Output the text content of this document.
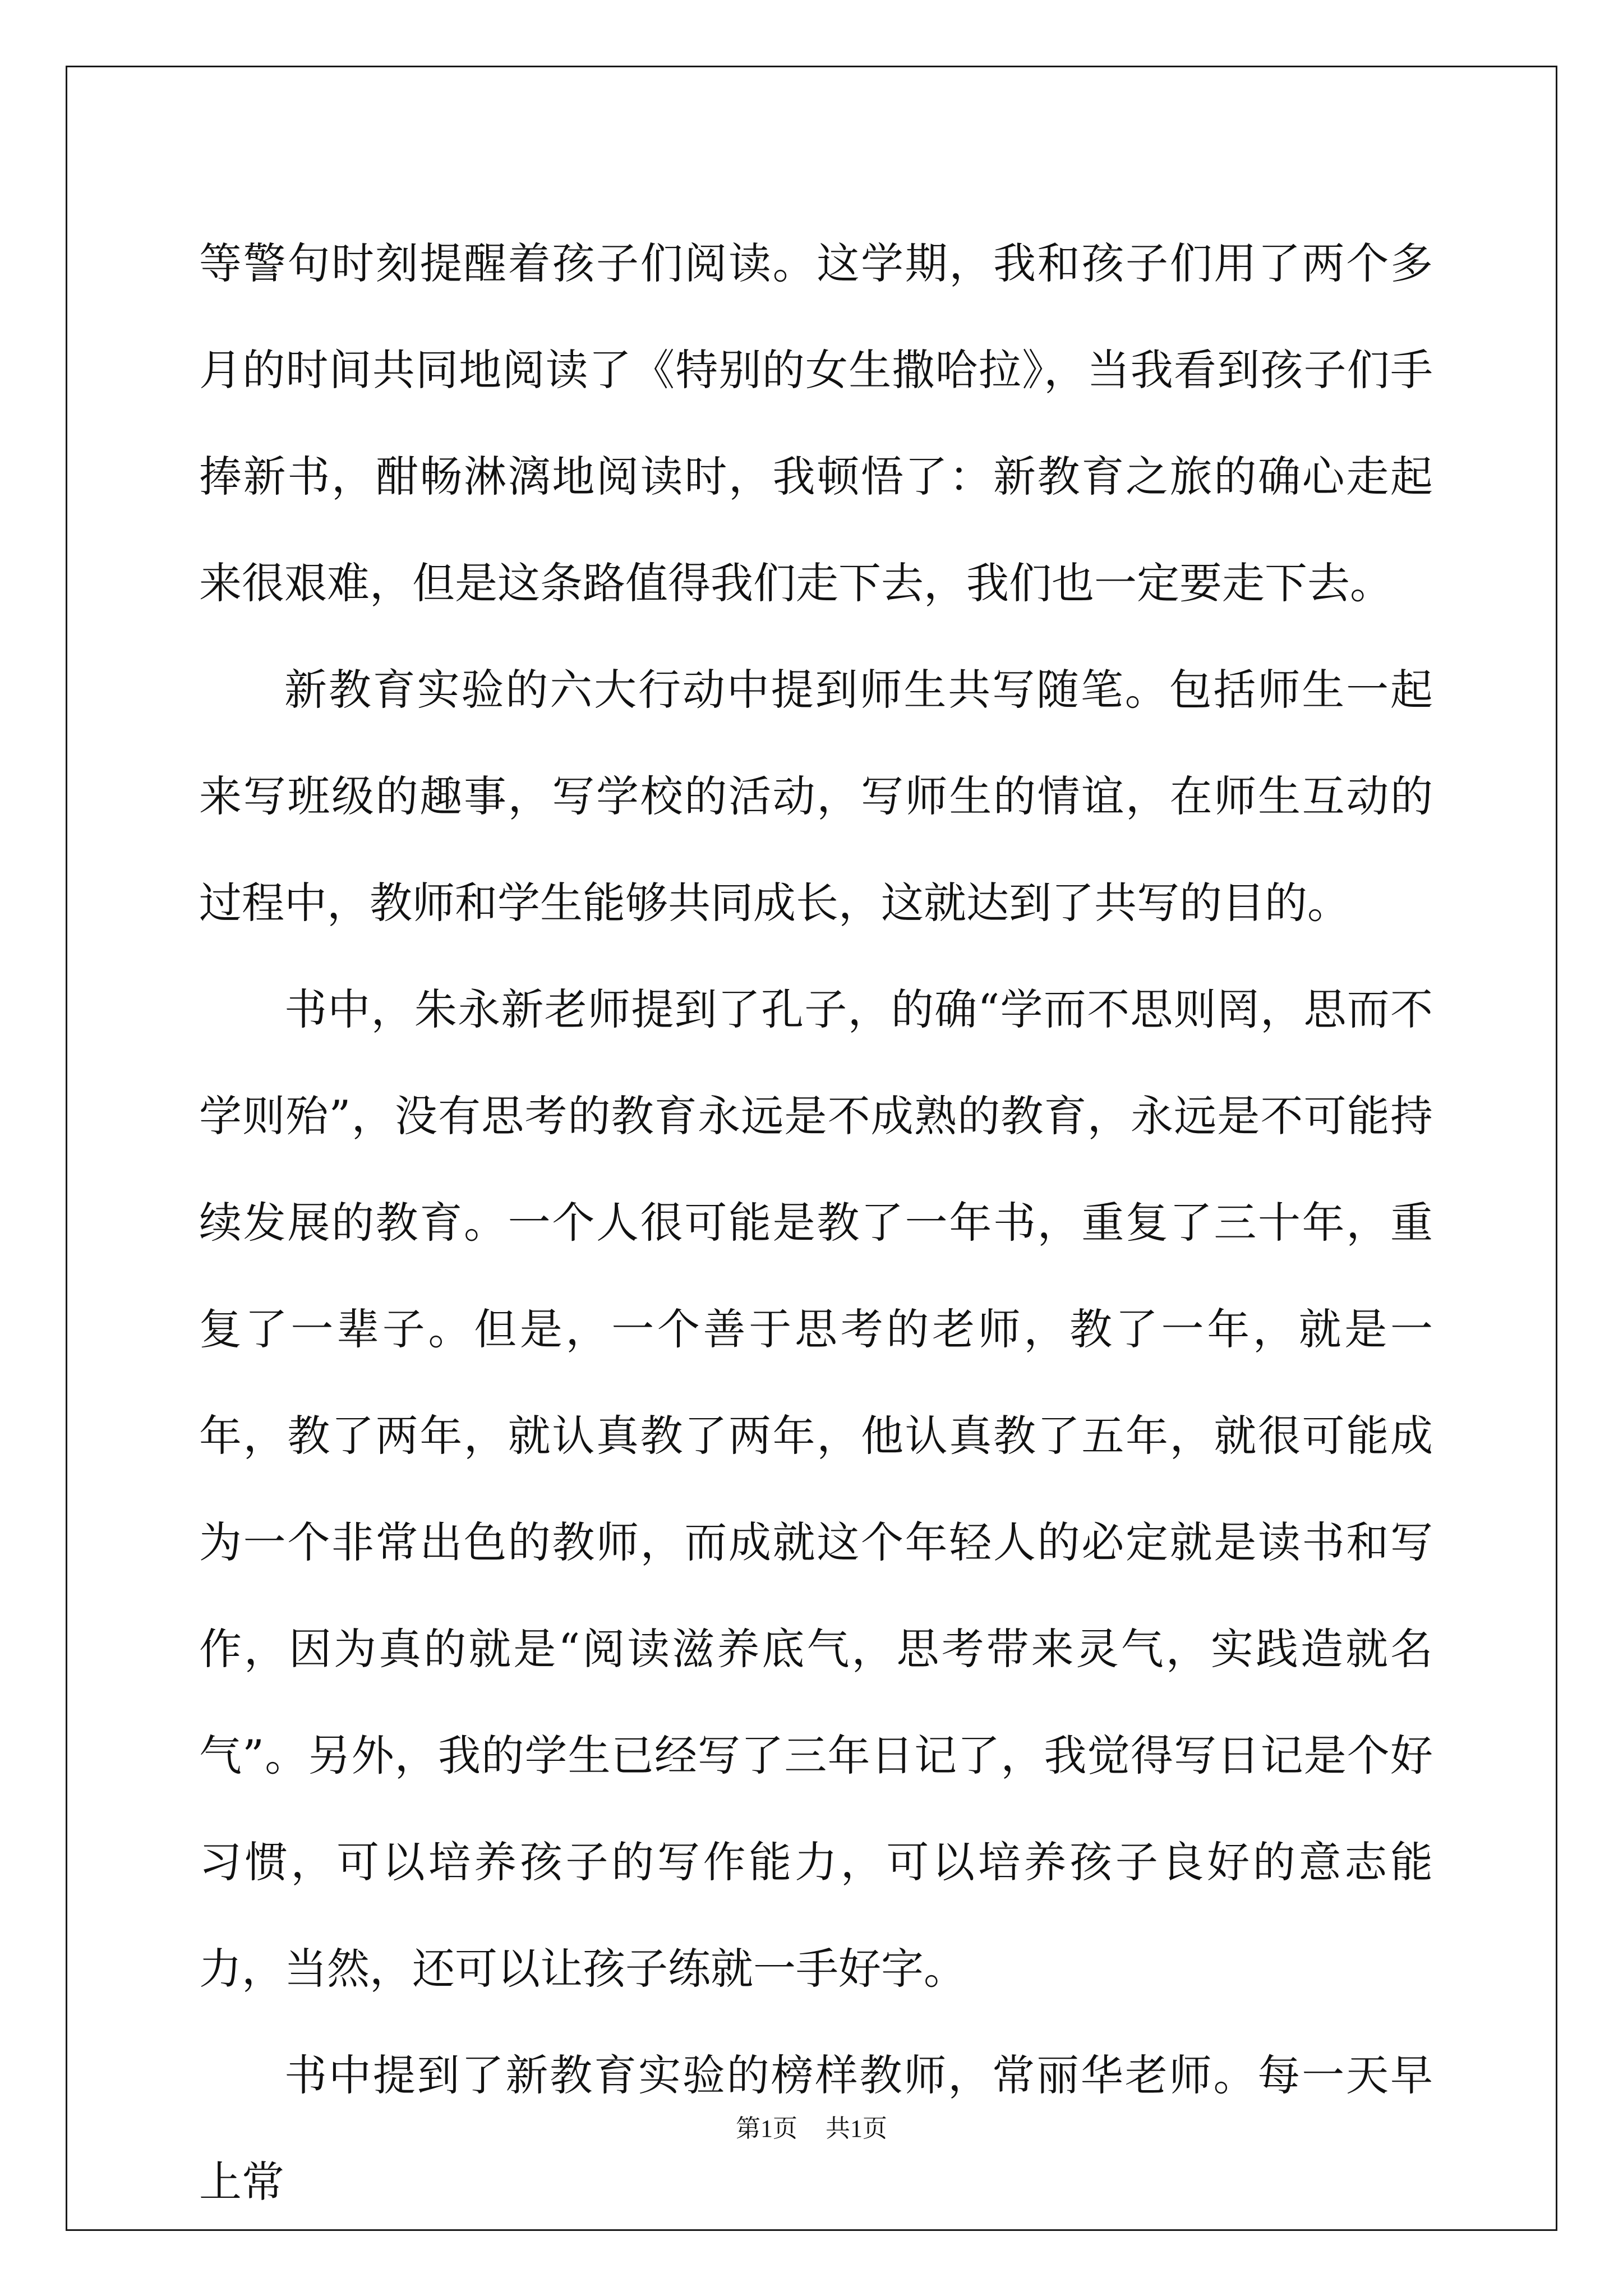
等警句时刻提醒着孩子们阅读。这学期，我和孩子们用了两个多月的时间共同地阅读了《特别的女生撒哈拉》，当我看到孩子们手捧新书，酣畅淋漓地阅读时，我顿悟了：新教育之旅的确心走起来很艰难，但是这条路值得我们走下去，我们也一定要走下去。

新教育实验的六大行动中提到师生共写随笔。包括师生一起来写班级的趣事，写学校的活动，写师生的情谊，在师生互动的过程中，教师和学生能够共同成长，这就达到了共写的目的。

书中，朱永新老师提到了孔子，的确“学而不思则罔，思而不学则殆”，没有思考的教育永远是不成熟的教育，永远是不可能持续发展的教育。一个人很可能是教了一年书，重复了三十年，重复了一辈子。但是，一个善于思考的老师，教了一年，就是一年，教了两年，就认真教了两年，他认真教了五年，就很可能成为一个非常出色的教师，而成就这个年轻人的必定就是读书和写作，因为真的就是“阅读滋养底气，思考带来灵气，实践造就名气”。另外，我的学生已经写了三年日记了，我觉得写日记是个好习惯，可以培养孩子的写作能力，可以培养孩子良好的意志能力，当然，还可以让孩子练就一手好字。

书中提到了新教育实验的榜样教师，常丽华老师。每一天早上常

第1页 共1页
